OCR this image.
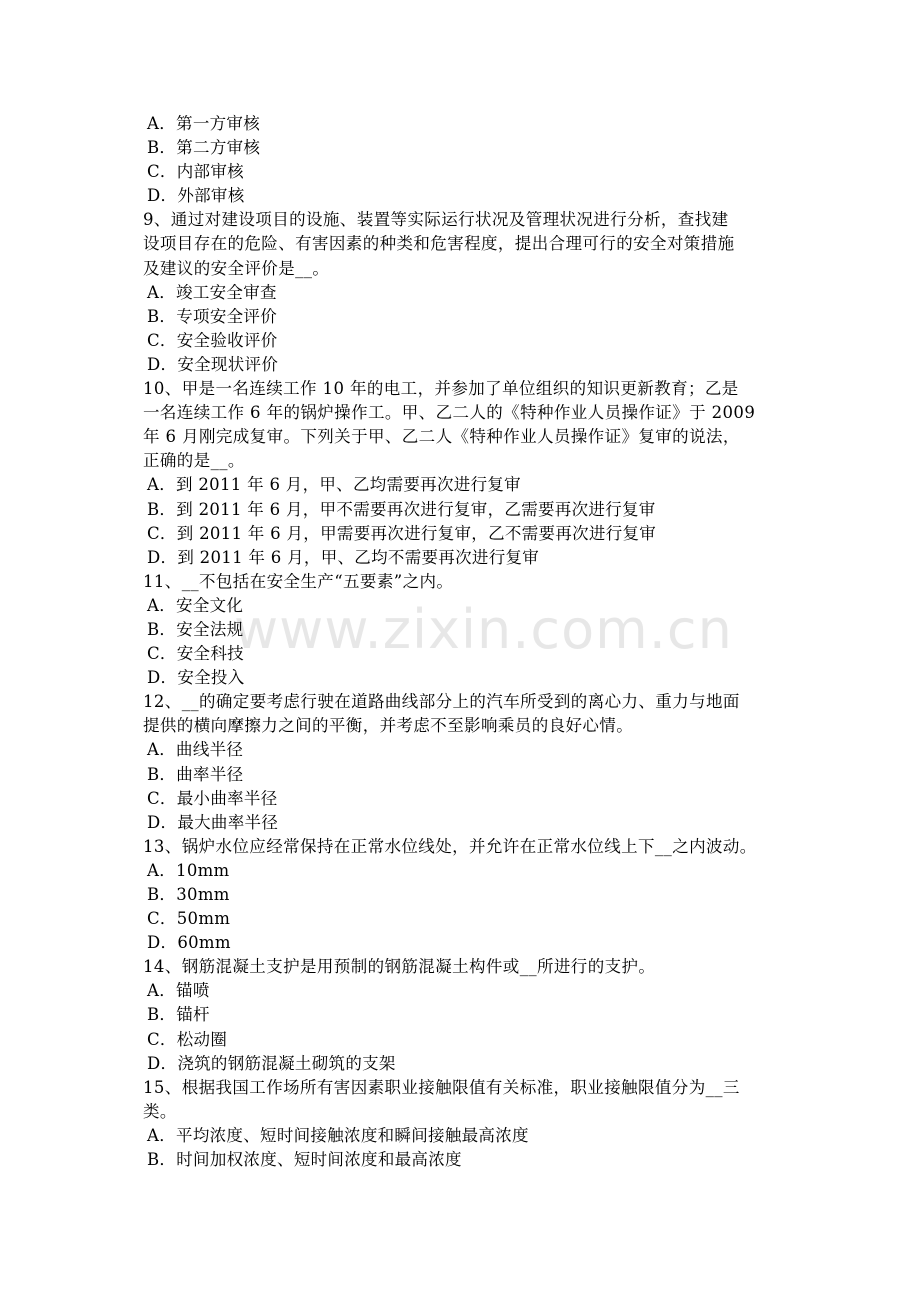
www.zixin.com.cn
A．第一方审核
B．第二方审核
C．内部审核
D．外部审核
9、通过对建设项目的设施、装置等实际运行状况及管理状况进行分析，查找建
设项目存在的危险、有害因素的种类和危害程度，提出合理可行的安全对策措施
及建议的安全评价是__。
A．竣工安全审查
B．专项安全评价
C．安全验收评价
D．安全现状评价
10、甲是一名连续工作 10 年的电工，并参加了单位组织的知识更新教育；乙是
一名连续工作 6 年的锅炉操作工。甲、乙二人的《特种作业人员操作证》于 2009
年 6 月刚完成复审。下列关于甲、乙二人《特种作业人员操作证》复审的说法，
正确的是__。
A．到 2011 年 6 月，甲、乙均需要再次进行复审
B．到 2011 年 6 月，甲不需要再次进行复审，乙需要再次进行复审
C．到 2011 年 6 月，甲需要再次进行复审，乙不需要再次进行复审
D．到 2011 年 6 月，甲、乙均不需要再次进行复审
11、__不包括在安全生产“五要素”之内。
A．安全文化
B．安全法规
C．安全科技
D．安全投入
12、__的确定要考虑行驶在道路曲线部分上的汽车所受到的离心力、重力与地面
提供的横向摩擦力之间的平衡，并考虑不至影响乘员的良好心情。
A．曲线半径
B．曲率半径
C．最小曲率半径
D．最大曲率半径
13、锅炉水位应经常保持在正常水位线处，并允许在正常水位线上下__之内波动。
A．10mm
B．30mm
C．50mm
D．60mm
14、钢筋混凝土支护是用预制的钢筋混凝土构件或__所进行的支护。
A．锚喷
B．锚杆
C．松动圈
D．浇筑的钢筋混凝土砌筑的支架
15、根据我国工作场所有害因素职业接触限值有关标准，职业接触限值分为__三
类。
A．平均浓度、短时间接触浓度和瞬间接触最高浓度
B．时间加权浓度、短时间浓度和最高浓度
